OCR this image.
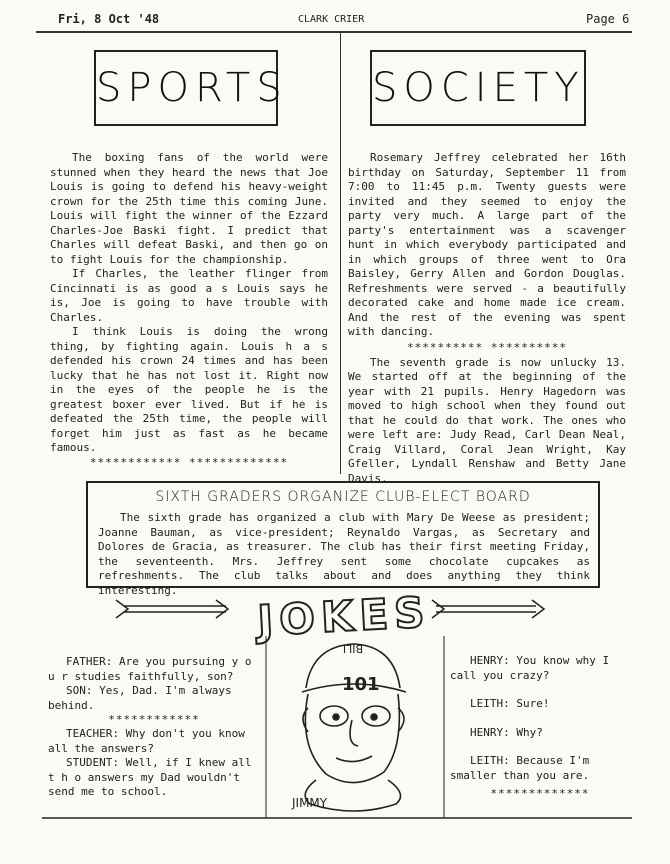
Fri, 8 Oct '48	CLARK CRIER	Page 6
SPORTS

The boxing fans of the world were stunned when they heard the news that Joe Louis is going to defend his heavy-weight crown for the 25th time this coming June. Louis will fight the winner of the Ezzard Charles-Joe Baski fight. I predict that Charles will defeat Baski, and then go on to fight Louis for the championship.

If Charles, the leather flinger from Cincinnati is as good a s Louis says he is, Joe is going to have trouble with Charles.

I think Louis is doing the wrong thing, by fighting again. Louis h a s defended his crown 24 times and has been lucky that he has not lost it. Right now in the eyes of the people he is the greatest boxer ever lived. But if he is defeated the 25th time, the people will forget him just as fast as he became famous.

************ *************
SOCIETY

Rosemary Jeffrey celebrated her 16th birthday on Saturday, September 11 from 7:00 to 11:45 p.m. Twenty guests were invited and they seemed to enjoy the party very much. A large part of the party's entertainment was a scavenger hunt in which everybody participated and in which groups of three went to Ora Baisley, Gerry Allen and Gordon Douglas. Refreshments were served - a beautifully decorated cake and home made ice cream. And the rest of the evening was spent with dancing.

********** **********

The seventh grade is now unlucky 13. We started off at the beginning of the year with 21 pupils. Henry Hagedorn was moved to high school when they found out that he could do that work. The ones who were left are: Judy Read, Carl Dean Neal, Craig Villard, Coral Jean Wright, Kay Gfeller, Lyndall Renshaw and Betty Jane Davis.

SIXTH GRADERS ORGANIZE CLUB-ELECT BOARD

The sixth grade has organized a club with Mary De Weese as president; Joanne Bauman, as vice-president; Reynaldo Vargas, as Secretary and Dolores de Gracia, as treasurer. The club has their first meeting Friday, the seventeenth. Mrs. Jeffrey sent some chocolate cupcakes as refreshments. The club talks about and does anything they think interesting.

JOKES
BILL
101
JIMMY

FATHER: Are you pursuing y o u r studies faithfully, son?

SON: Yes, Dad. I'm always behind.

************

TEACHER: Why don't you know all the answers?

STUDENT: Well, if I knew all t h o answers my Dad wouldn't send me to school.

HENRY: You know why I call you crazy?

LEITH: Sure!

HENRY: Why?

LEITH: Because I'm smaller than you are.

*************
